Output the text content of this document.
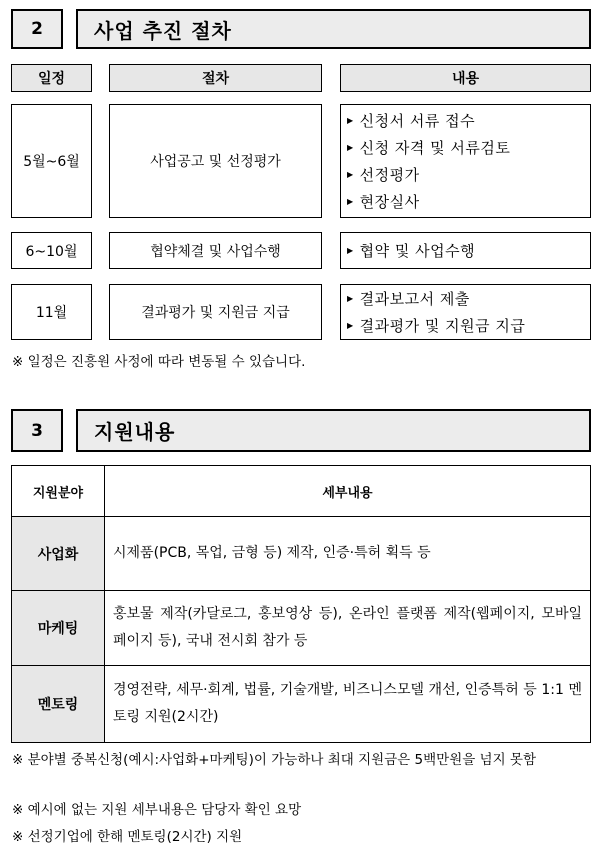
2	사업 추진 절차
일정	절차	내용
5월~6월	사업공고 및 선정평가
▶ 신청서 서류 접수
▶ 신청 자격 및 서류검토
▶ 선정평가
▶ 현장실사
6~10월	협약체결 및 사업수행	▶ 협약 및 사업수행
11월	결과평가 및 지원금 지급
▶ 결과보고서 제출
▶ 결과평가 및 지원금 지급
※ 일정은 진흥원 사정에 따라 변동될 수 있습니다.
3	지원내용
지원분야	세부내용
사업화	시제품(PCB, 목업, 금형 등) 제작, 인증·특허 획득 등
마케팅	홍보물 제작(카달로그, 홍보영상 등), 온라인 플랫폼 제작(웹페이지, 모바일 페이지 등), 국내 전시회 참가 등
멘토링	경영전략, 세무·회계, 법률, 기술개발, 비즈니스모델 개선, 인증특허 등 1:1 멘토링 지원(2시간)
※ 분야별 중복신청(예시:사업화+마케팅)이 가능하나 최대 지원금은 5백만원을 넘지 못함
※ 예시에 없는 지원 세부내용은 담당자 확인 요망
※ 선정기업에 한해 멘토링(2시간) 지원
